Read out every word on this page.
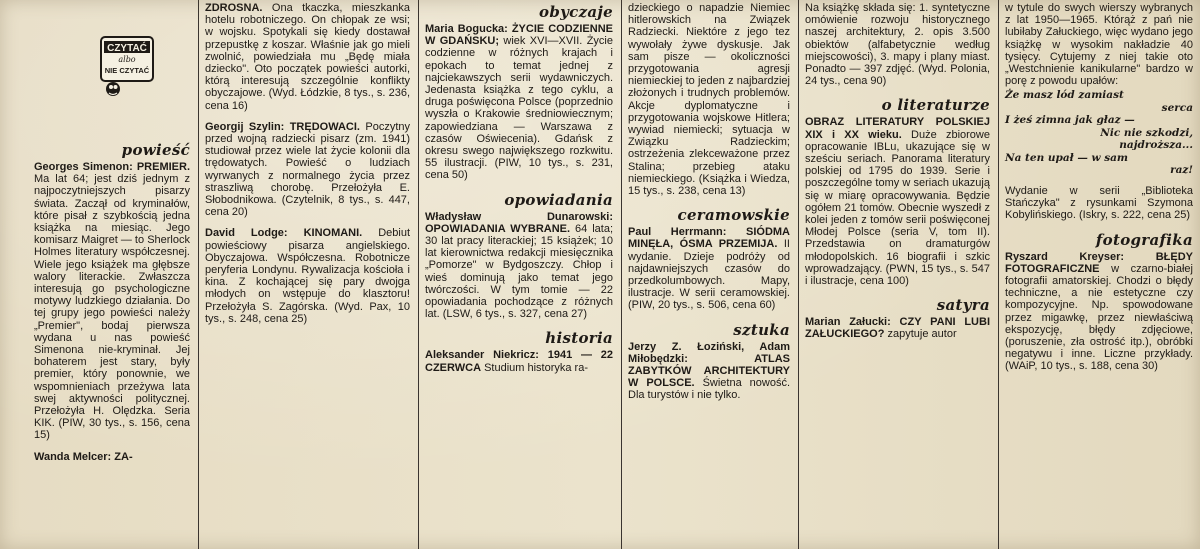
CZYTAĆ
albo
NIE CZYTAĆ
powieść
Georges Simenon: PREMIER. Ma lat 64; jest dziś jednym z najpoczytniejszych pisarzy świata. Zaczął od kryminałów, które pisał z szybkością jedna książka na miesiąc. Jego komisarz Maigret — to Sherlock Holmes literatury współczesnej. Wiele jego książek ma głębsze walory literackie. Zwłaszcza interesują go psychologiczne motywy ludzkiego działania. Do tej grupy jego powieści należy „Premier", bodaj pierwsza wydana u nas powieść Simenona nie-kryminał. Jej bohaterem jest stary, były premier, który ponownie, we wspomnieniach przeżywa lata swej aktywności politycznej. Przełożyła H. Olędzka. Seria KIK. (PIW, 30 tys., s. 156, cena 15)
Wanda Melcer: ZA-
ZDROSNA. Ona tkaczka, mieszkanka hotelu robotniczego. On chłopak ze wsi; w wojsku. Spotykali się kiedy dostawał przepustkę z koszar. Właśnie jak go mieli zwolnić, powiedziała mu „Będę miała dziecko". Oto początek powieści autorki, którą interesują szczególnie konflikty obyczajowe. (Wyd. Łódzkie, 8 tys., s. 236, cena 16)
Georgij Szylin: TRĘDOWACI. Poczytny przed wojną radziecki pisarz (zm. 1941) studiował przez wiele lat życie kolonii dla trędowatych. Powieść o ludziach wyrwanych z normalnego życia przez straszliwą chorobę. Przełożyła E. Słobodnikowa. (Czytelnik, 8 tys., s. 447, cena 20)
David Lodge: KINOMANI. Debiut powieściowy pisarza angielskiego. Obyczajowa. Współczesna. Robotnicze peryferia Londynu. Rywalizacja kościoła i kina. Z kochającej się pary dwojga młodych on wstępuje do klasztoru! Przełożyła S. Zagórska. (Wyd. Pax, 10 tys., s. 248, cena 25)
obyczaje
Maria Bogucka: ŻYCIE CODZIENNE W GDAŃSKU; wiek XVI—XVII. Życie codzienne w różnych krajach i epokach to temat jednej z najciekawszych serii wydawniczych. Jedenasta książka z tego cyklu, a druga poświęcona Polsce (poprzednio wyszła o Krakowie średniowiecznym; zapowiedziana — Warszawa z czasów Oświecenia). Gdańsk z okresu swego największego rozkwitu. 55 ilustracji. (PIW, 10 tys., s. 231, cena 50)
opowiadania
Władysław Dunarowski: OPOWIADANIA WYBRANE. 64 lata; 30 lat pracy literackiej; 15 książek; 10 lat kierownictwa redakcji miesięcznika „Pomorze" w Bydgoszczy. Chłop i wieś dominują jako temat jego twórczości. W tym tomie — 22 opowiadania pochodzące z różnych lat. (LSW, 6 tys., s. 327, cena 27)
historia
Aleksander Niekricz: 1941 — 22 CZERWCA Studium historyka ra-
dzieckiego o napadzie Niemiec hitlerowskich na Związek Radziecki. Niektóre z jego tez wywołały żywe dyskusje. Jak sam pisze — okoliczności przygotowania agresji niemieckiej to jeden z najbardziej złożonych i trudnych problemów. Akcje dyplomatyczne i przygotowania wojskowe Hitlera; wywiad niemiecki; sytuacja w Związku Radzieckim; ostrzeżenia zlekceważone przez Stalina; przebieg ataku niemieckiego. (Książka i Wiedza, 15 tys., s. 238, cena 13)
ceramowskie
Paul Herrmann: SIÓDMA MINĘŁA, ÓSMA PRZEMIJA. II wydanie. Dzieje podróży od najdawniejszych czasów do przedkolumbowych. Mapy, ilustracje. W serii ceramowskiej. (PIW, 20 tys., s. 506, cena 60)
sztuka
Jerzy Z. Łoziński, Adam Miłobędzki:	ATLAS ZABYTKÓW ARCHITEKTURY W POLSCE. Świetna nowość. Dla turystów i nie tylko.
Na książkę składa się: 1. syntetyczne omówienie rozwoju historycznego naszej architektury, 2. opis 3.500 obiektów (alfabetycznie według miejscowości), 3. mapy i plany miast. Ponadto — 397 zdjęć. (Wyd. Polonia, 24 tys., cena 90)
o literaturze
OBRAZ LITERATURY POLSKIEJ XIX i XX wieku. Duże zbiorowe opracowanie IBLu, ukazujące się w sześciu seriach. Panorama literatury polskiej od 1795 do 1939. Serie i poszczególne tomy w seriach ukazują się w miarę opracowywania. Będzie ogółem 21 tomów. Obecnie wyszedł z kolei jeden z tomów serii poświęconej Młodej Polsce (seria V, tom II). Przedstawia on dramaturgów młodopolskich. 16 biografii i szkic wprowadzający. (PWN, 15 tys., s. 547 i ilustracje, cena 100)
satyra
Marian Załucki: CZY PANI LUBI ZAŁUCKIEGO? zapytuje autor
w tytule do swych wierszy wybranych z lat 1950—1965. Którąż z pań nie lubiłaby Załuckiego, więc wydano jego książkę w wysokim nakładzie 40 tysięcy. Cytujemy z niej takie oto „Westchnienie kanikularne" bardzo w porę z powodu upałów:
Że masz lód zamiast
serca
I żeś zimna jak głaz —
Nic nie szkodzi,
najdroższa...
Na ten upał — w sam
raz!
Wydanie w serii „Biblioteka Stańczyka" z rysunkami Szymona Kobylińskiego. (Iskry, s. 222, cena 25)
fotografika
Ryszard Kreyser:	BŁĘDY FOTOGRAFICZNE w czarno-białej fotografii amatorskiej. Chodzi o błędy techniczne, a nie estetyczne czy kompozycyjne. Np. spowodowane przez migawkę, przez niewłaściwą ekspozycję, błędy zdjęciowe, (poruszenie, zła ostrość itp.), obróbki negatywu i inne. Liczne przykłady. (WAiP, 10 tys., s. 188, cena 30)
